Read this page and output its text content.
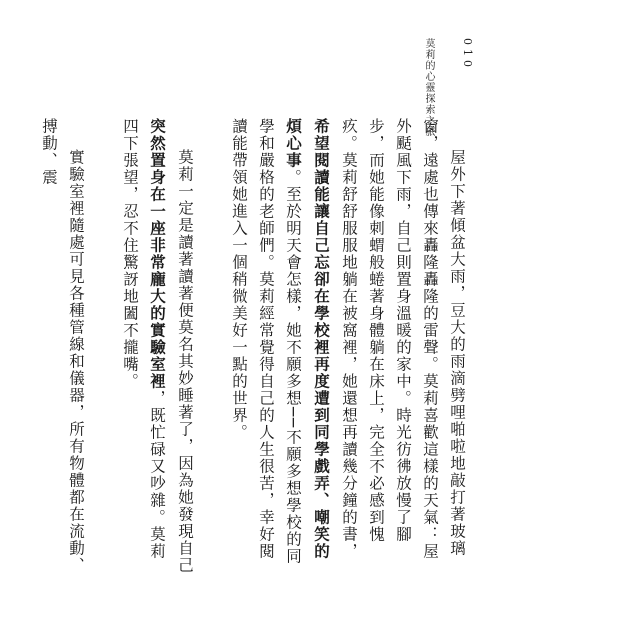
莫莉的心靈探索之旅 010

屋外下著傾盆大雨，豆大的雨滴劈哩啪啦地敲打著玻璃窗，遠處也傳來轟隆轟隆的雷聲。莫莉喜歡這樣的天氣：屋外颳風下雨，自己則置身溫暖的家中。時光彷彿放慢了腳步，而她能像刺蝟般蜷著身體躺在床上，完全不必感到愧疚。莫莉舒舒服服地躺在被窩裡，她還想再讀幾分鐘的書，希望閱讀能讓自己忘卻在學校裡再度遭到同學戲弄、嘲笑的煩心事。至於明天會怎樣，她不願多想──不願多想學校的同學和嚴格的老師們。莫莉經常覺得自己的人生很苦，幸好閱讀能帶領她進入一個稍微美好一點的世界。

莫莉一定是讀著讀著便莫名其妙睡著了，因為她發現自己突然置身在一座非常龐大的實驗室裡，既忙碌又吵雜。莫莉四下張望，忍不住驚訝地闔不攏嘴。

實驗室裡隨處可見各種管線和儀器，所有物體都在流動、搏動、震
